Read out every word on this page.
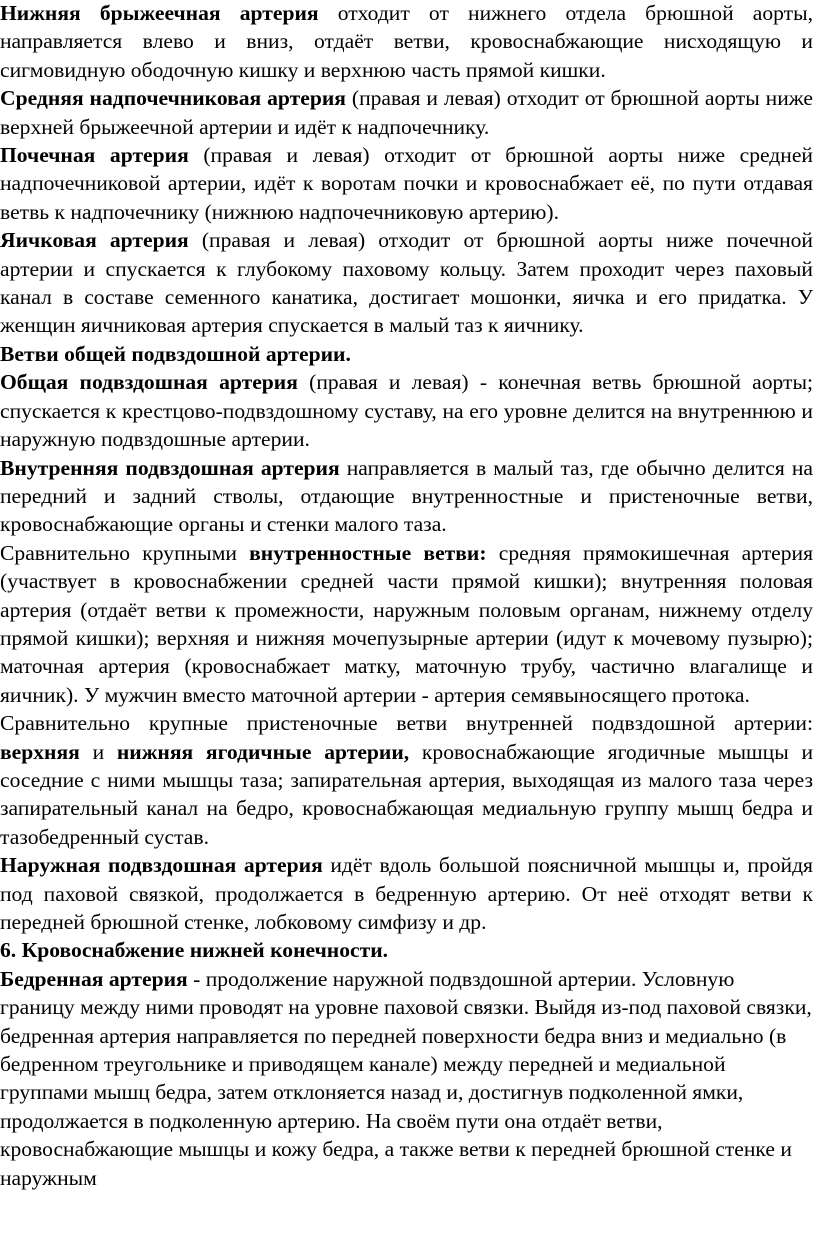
Нижняя брыжеечная артерия отходит от нижнего отдела брюшной аорты, направляется влево и вниз, отдаёт ветви, кровоснабжающие нисходящую и сигмовидную ободочную кишку и верхнюю часть прямой кишки.

Средняя надпочечниковая артерия (правая и левая) отходит от брюшной аорты ниже верхней брыжеечной артерии и идёт к надпочечнику.

Почечная артерия (правая и левая) отходит от брюшной аорты ниже средней надпочечниковой артерии, идёт к воротам почки и кровоснабжает её, по пути отдавая ветвь к надпочечнику (нижнюю надпочечниковую артерию).

Яичковая артерия (правая и левая) отходит от брюшной аорты ниже почечной артерии и спускается к глубокому паховому кольцу. Затем проходит через паховый канал в составе семенного канатика, достигает мошонки, яичка и его придатка. У женщин яичниковая артерия спускается в малый таз к яичнику.

Ветви общей подвздошной артерии.

Общая подвздошная артерия (правая и левая) - конечная ветвь брюшной аорты; спускается к крестцово-подвздошному суставу, на его уровне делится на внутреннюю и наружную подвздошные артерии.

Внутренняя подвздошная артерия направляется в малый таз, где обычно делится на передний и задний стволы, отдающие внутренностные и пристеночные ветви, кровоснабжающие органы и стенки малого таза.

Сравнительно крупными внутренностные ветви: средняя прямокишечная артерия (участвует в кровоснабжении средней части прямой кишки); внутренняя половая артерия (отдаёт ветви к промежности, наружным половым органам, нижнему отделу прямой кишки); верхняя и нижняя мочепузырные артерии (идут к мочевому пузырю); маточная артерия (кровоснабжает матку, маточную трубу, частично влагалище и яичник). У мужчин вместо маточной артерии - артерия семявыносящего протока.

Сравнительно крупные пристеночные ветви внутренней подвздошной артерии: верхняя и нижняя ягодичные артерии, кровоснабжающие ягодичные мышцы и соседние с ними мышцы таза; запирательная артерия, выходящая из малого таза через запирательный канал на бедро, кровоснабжающая медиальную группу мышц бедра и тазобедренный сустав.

Наружная подвздошная артерия идёт вдоль большой поясничной мышцы и, пройдя под паховой связкой, продолжается в бедренную артерию. От неё отходят ветви к передней брюшной стенке, лобковому симфизу и др.

6. Кровоснабжение нижней конечности.

Бедренная артерия - продолжение наружной подвздошной артерии. Условную границу между ними проводят на уровне паховой связки. Выйдя из-под паховой связки, бедренная артерия направляется по передней поверхности бедра вниз и медиально (в бедренном треугольнике и приводящем канале) между передней и медиальной группами мышц бедра, затем отклоняется назад и, достигнув подколенной ямки, продолжается в подколенную артерию. На своём пути она отдаёт ветви, кровоснабжающие мышцы и кожу бедра, а также ветви к передней брюшной стенке и наружным
